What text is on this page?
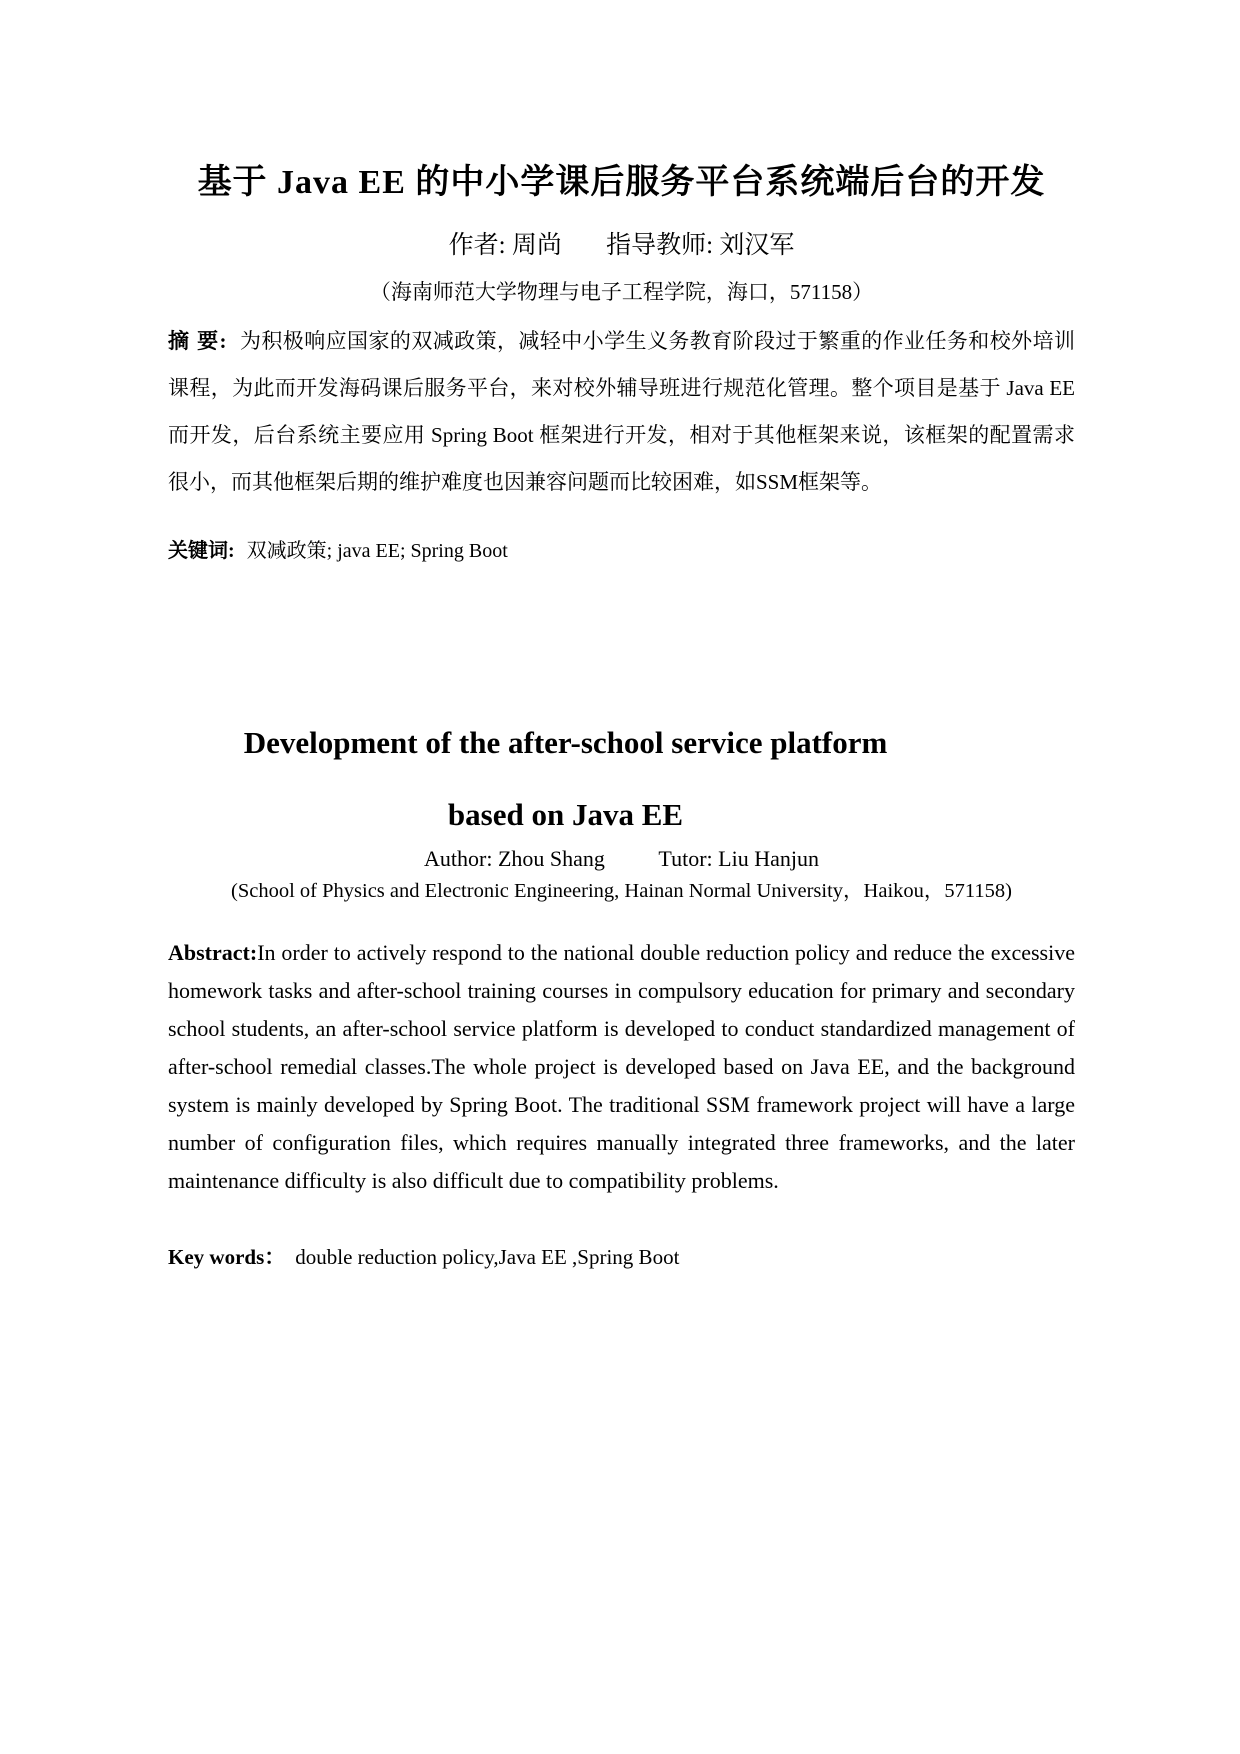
基于 Java EE 的中小学课后服务平台系统端后台的开发
作者: 周尚 指导教师: 刘汉军
（海南师范大学物理与电子工程学院，海口，571158）

摘 要: 为积极响应国家的双减政策，减轻中小学生义务教育阶段过于繁重的作业任务和校外培训课程，为此而开发海码课后服务平台，来对校外辅导班进行规范化管理。整个项目是基于 Java EE 而开发，后台系统主要应用 Spring Boot 框架进行开发，相对于其他框架来说，该框架的配置需求很小，而其他框架后期的维护难度也因兼容问题而比较困难，如SSM框架等。

关键词: 双减政策; java EE; Spring Boot
Development of the after-school service platform
based on Java EE
Author: Zhou Shang Tutor: Liu Hanjun
(School of Physics and Electronic Engineering, Hainan Normal University，Haikou，571158)

Abstract:In order to actively respond to the national double reduction policy and reduce the excessive homework tasks and after-school training courses in compulsory education for primary and secondary school students, an after-school service platform is developed to conduct standardized management of after-school remedial classes.The whole project is developed based on Java EE, and the background system is mainly developed by Spring Boot. The traditional SSM framework project will have a large number of configuration files, which requires manually integrated three frameworks, and the later maintenance difficulty is also difficult due to compatibility problems.

Key words： double reduction policy,Java EE ,Spring Boot
